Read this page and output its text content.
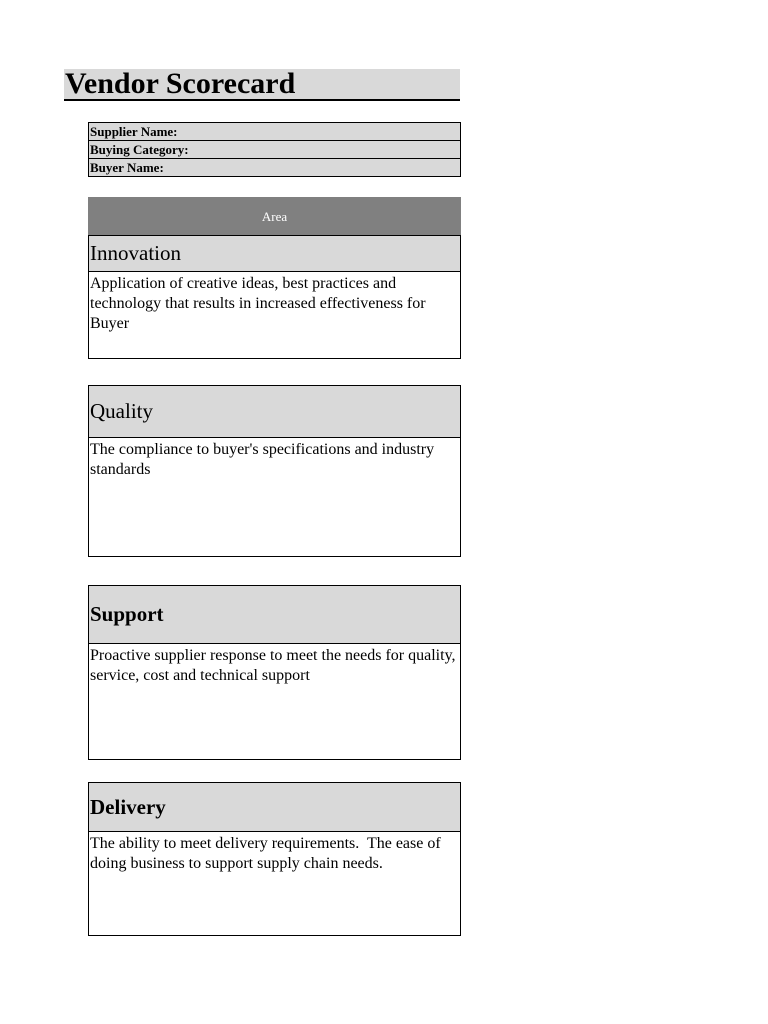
Vendor Scorecard
Supplier Name:
Buying Category:
Buyer Name:
Area
Innovation
Application of creative ideas, best practices and technology that results in increased effectiveness for Buyer
Quality
The compliance to buyer's specifications and industry standards
Support
Proactive supplier response to meet the needs for quality, service, cost and technical support
Delivery
The ability to meet delivery requirements.  The ease of doing business to support supply chain needs.
